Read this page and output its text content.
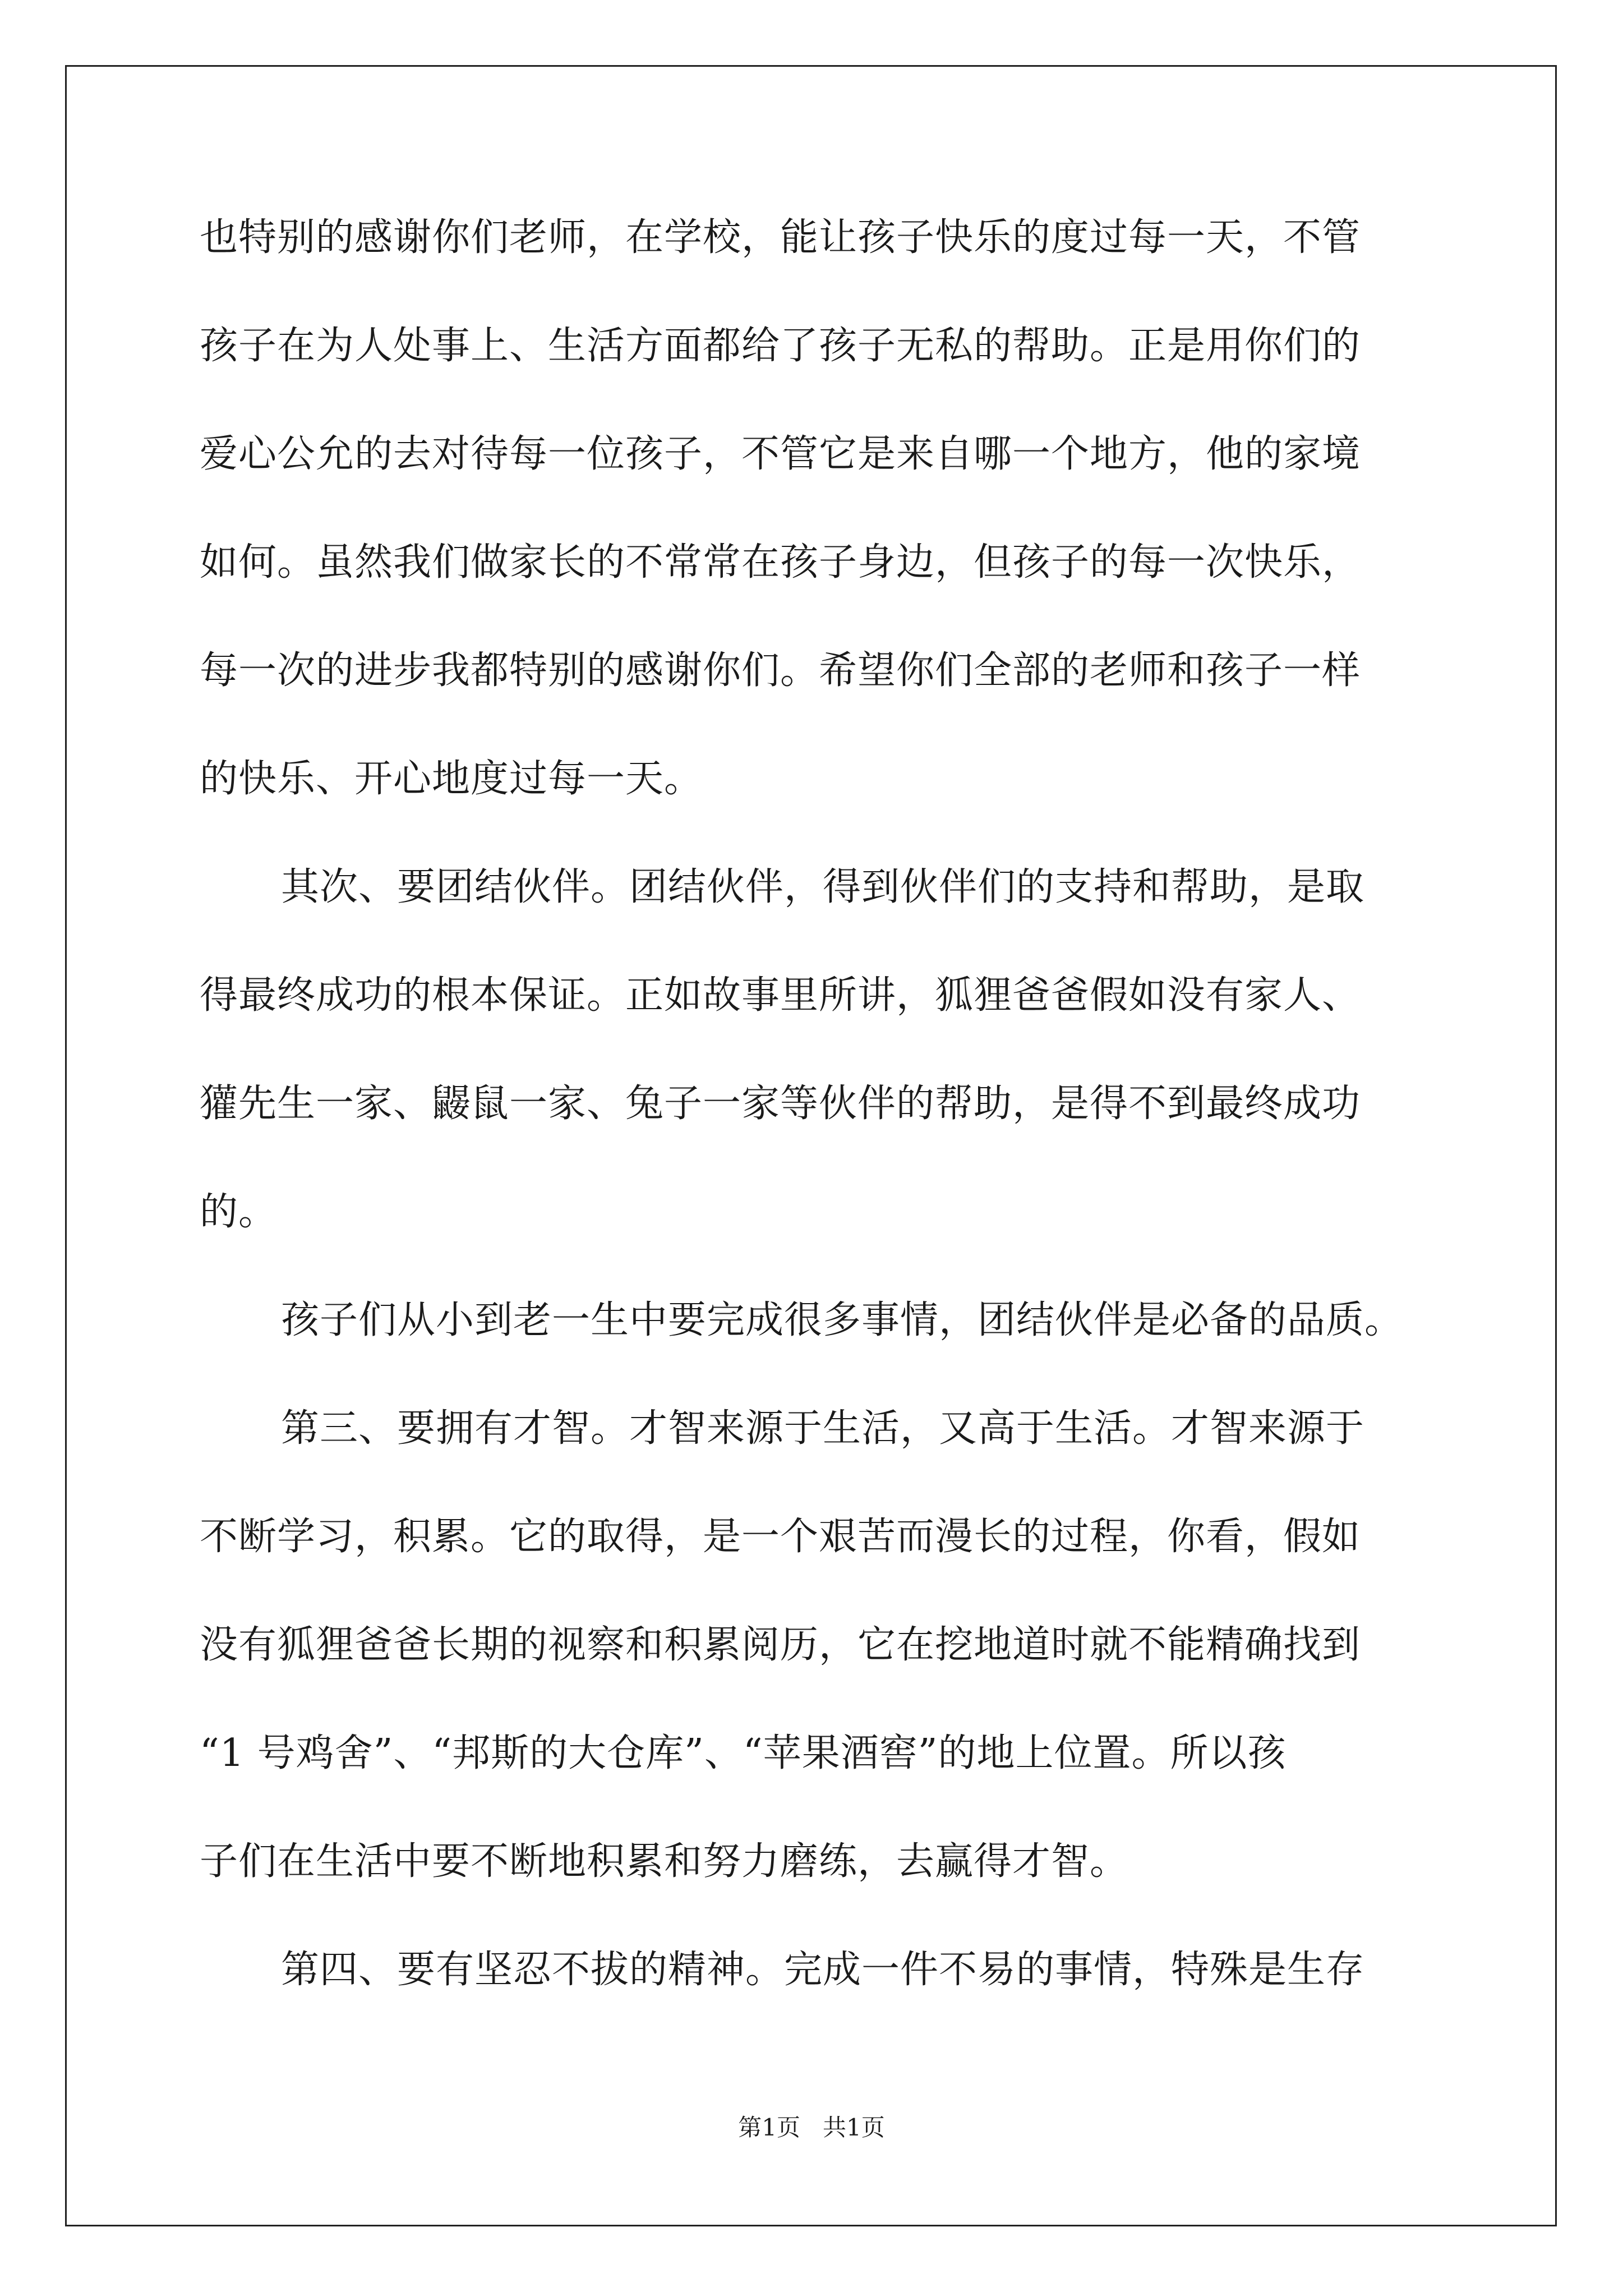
也特别的感谢你们老师，在学校，能让孩子快乐的度过每一天，不管
孩子在为人处事上、生活方面都给了孩子无私的帮助。正是用你们的
爱心公允的去对待每一位孩子，不管它是来自哪一个地方，他的家境
如何。虽然我们做家长的不常常在孩子身边，但孩子的每一次快乐，
每一次的进步我都特别的感谢你们。希望你们全部的老师和孩子一样
的快乐、开心地度过每一天。
其次、要团结伙伴。团结伙伴，得到伙伴们的支持和帮助，是取
得最终成功的根本保证。正如故事里所讲，狐狸爸爸假如没有家人、
獾先生一家、鼹鼠一家、兔子一家等伙伴的帮助，是得不到最终成功
的。
孩子们从小到老一生中要完成很多事情，团结伙伴是必备的品质。
第三、要拥有才智。才智来源于生活，又高于生活。才智来源于
不断学习，积累。它的取得，是一个艰苦而漫长的过程，你看，假如
没有狐狸爸爸长期的视察和积累阅历，它在挖地道时就不能精确找到
“1 号鸡舍”、“邦斯的大仓库”、“苹果酒窖”的地上位置。所以孩
子们在生活中要不断地积累和努力磨练，去赢得才智。
第四、要有坚忍不拔的精神。完成一件不易的事情，特殊是生存
第1页   共1页
